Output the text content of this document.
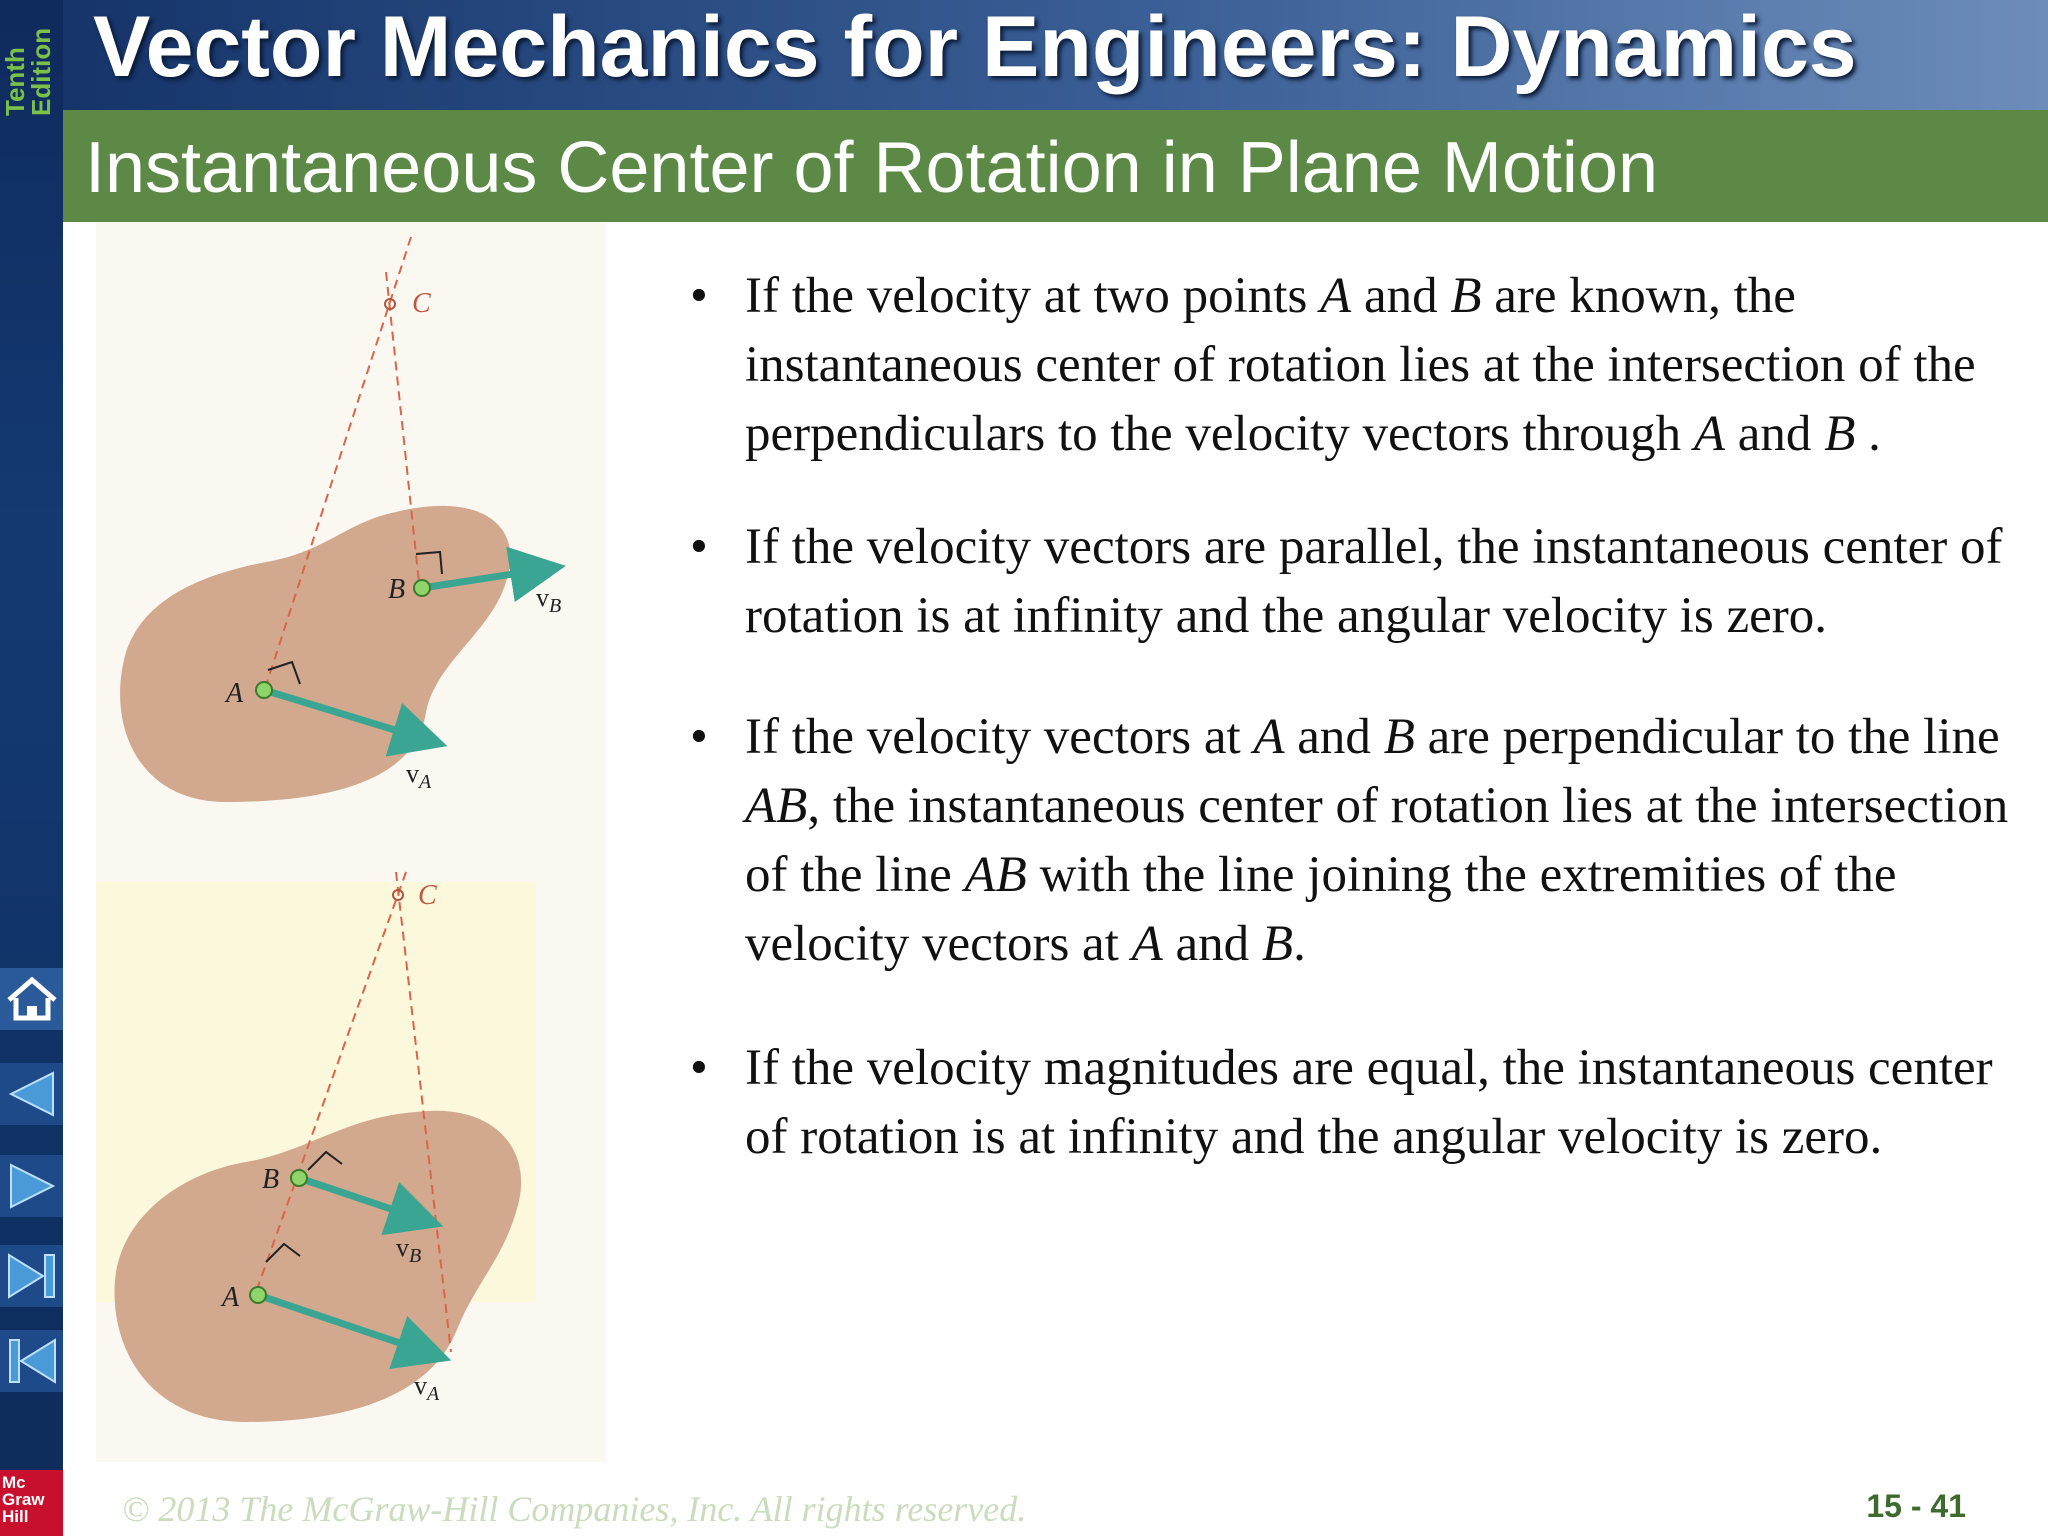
Tenth
Edition
Mc
Graw
Hill
Vector Mechanics for Engineers: Dynamics
Instantaneous Center of Rotation in Plane Motion
C
B
A
$v_B$
$v_A$
C
B
A
$v_B$
$v_A$
• If the velocity at two points A and B are known, the instantaneous center of rotation lies at the intersection of the perpendiculars to the velocity vectors through A and B .
• If the velocity vectors are parallel, the instantaneous center of rotation is at infinity and the angular velocity is zero.
• If the velocity vectors at A and B are perpendicular to the line AB, the instantaneous center of rotation lies at the intersection of the line AB with the line joining the extremities of the velocity vectors at A and B.
• If the velocity magnitudes are equal, the instantaneous center of rotation is at infinity and the angular velocity is zero.
© 2013 The McGraw-Hill Companies, Inc. All rights reserved.	15 - 41
